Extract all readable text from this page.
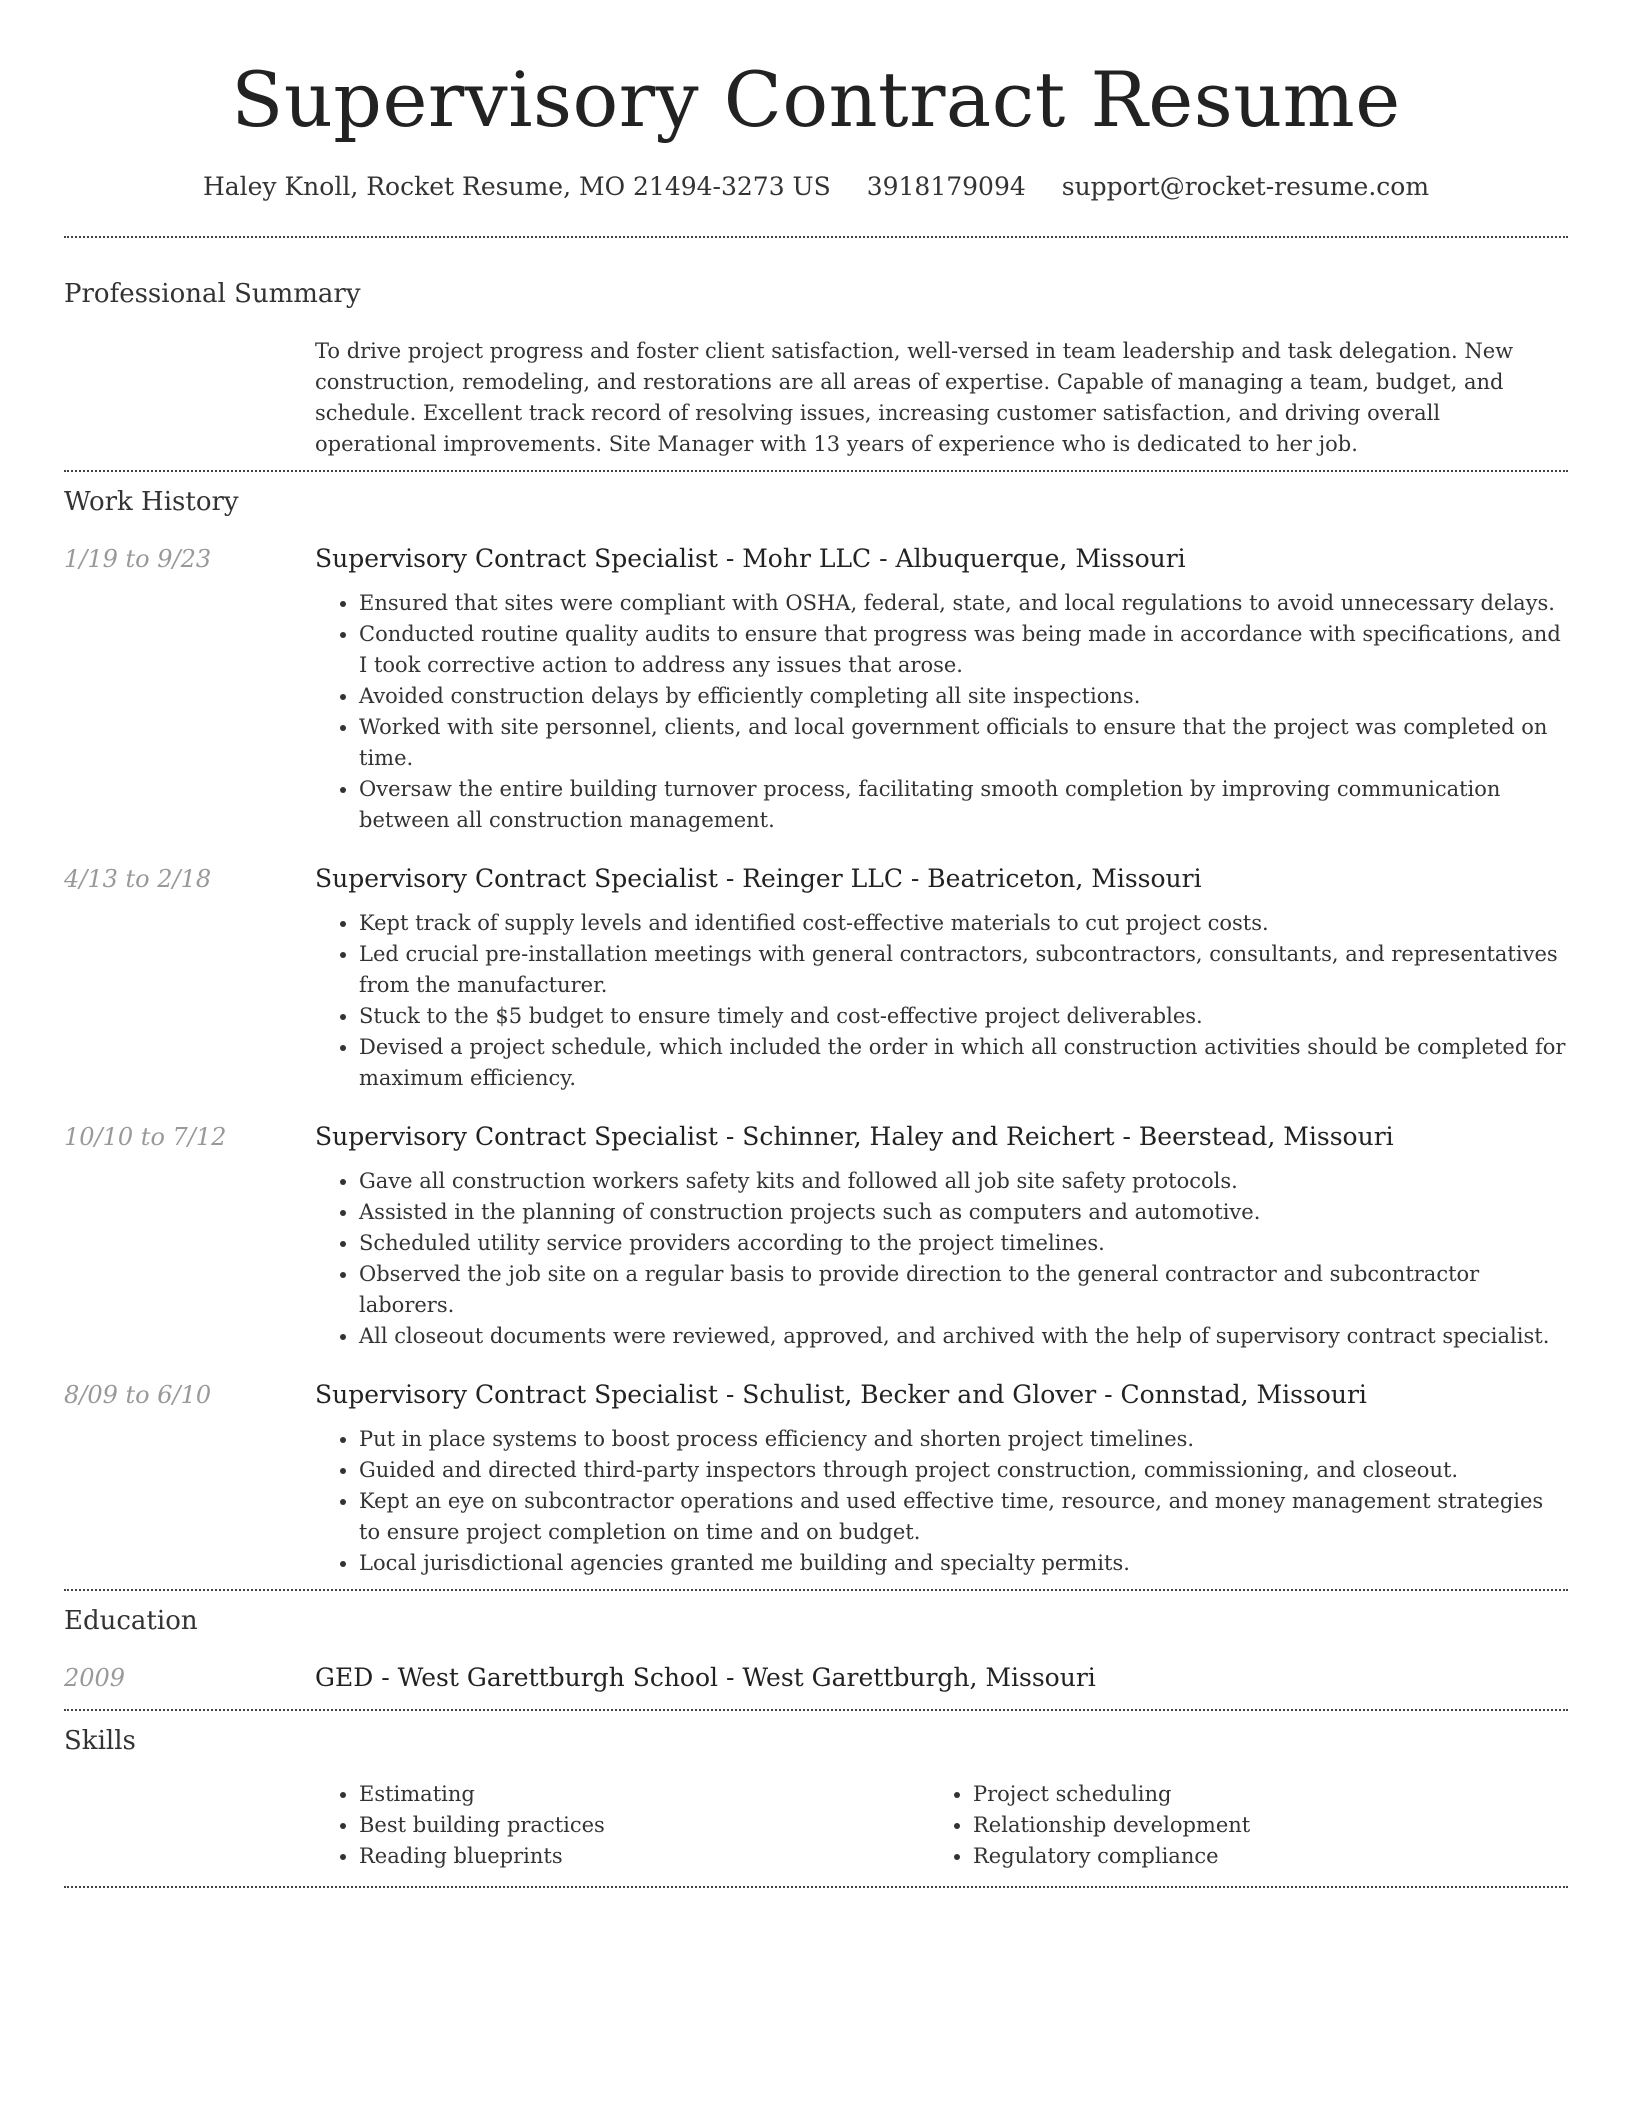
Supervisory Contract Resume
Haley Knoll, Rocket Resume, MO 21494-3273 US 3918179094 support@rocket-resume.com
Professional Summary

To drive project progress and foster client satisfaction, well-versed in team leadership and task delegation. New construction, remodeling, and restorations are all areas of expertise. Capable of managing a team, budget, and schedule. Excellent track record of resolving issues, increasing customer satisfaction, and driving overall operational improvements. Site Manager with 13 years of experience who is dedicated to her job.

Work History
1/19 to 9/23	Supervisory Contract Specialist - Mohr LLC - Albuquerque, Missouri

• Ensured that sites were compliant with OSHA, federal, state, and local regulations to avoid unnecessary delays.
• Conducted routine quality audits to ensure that progress was being made in accordance with specifications, and I took corrective action to address any issues that arose.
• Avoided construction delays by efficiently completing all site inspections.
• Worked with site personnel, clients, and local government officials to ensure that the project was completed on time.
• Oversaw the entire building turnover process, facilitating smooth completion by improving communication between all construction management.
4/13 to 2/18	Supervisory Contract Specialist - Reinger LLC - Beatriceton, Missouri

• Kept track of supply levels and identified cost-effective materials to cut project costs.
• Led crucial pre-installation meetings with general contractors, subcontractors, consultants, and representatives from the manufacturer.
• Stuck to the $5 budget to ensure timely and cost-effective project deliverables.
• Devised a project schedule, which included the order in which all construction activities should be completed for maximum efficiency.
10/10 to 7/12	Supervisory Contract Specialist - Schinner, Haley and Reichert - Beerstead, Missouri

• Gave all construction workers safety kits and followed all job site safety protocols.
• Assisted in the planning of construction projects such as computers and automotive.
• Scheduled utility service providers according to the project timelines.
• Observed the job site on a regular basis to provide direction to the general contractor and subcontractor laborers.
• All closeout documents were reviewed, approved, and archived with the help of supervisory contract specialist.
8/09 to 6/10	Supervisory Contract Specialist - Schulist, Becker and Glover - Connstad, Missouri

• Put in place systems to boost process efficiency and shorten project timelines.
• Guided and directed third-party inspectors through project construction, commissioning, and closeout.
• Kept an eye on subcontractor operations and used effective time, resource, and money management strategies to ensure project completion on time and on budget.
• Local jurisdictional agencies granted me building and specialty permits.
Education
2009	GED - West Garettburgh School - West Garettburgh, Missouri

Skills
• Estimating
• Best building practices
• Reading blueprints
• Project scheduling
• Relationship development
• Regulatory compliance
